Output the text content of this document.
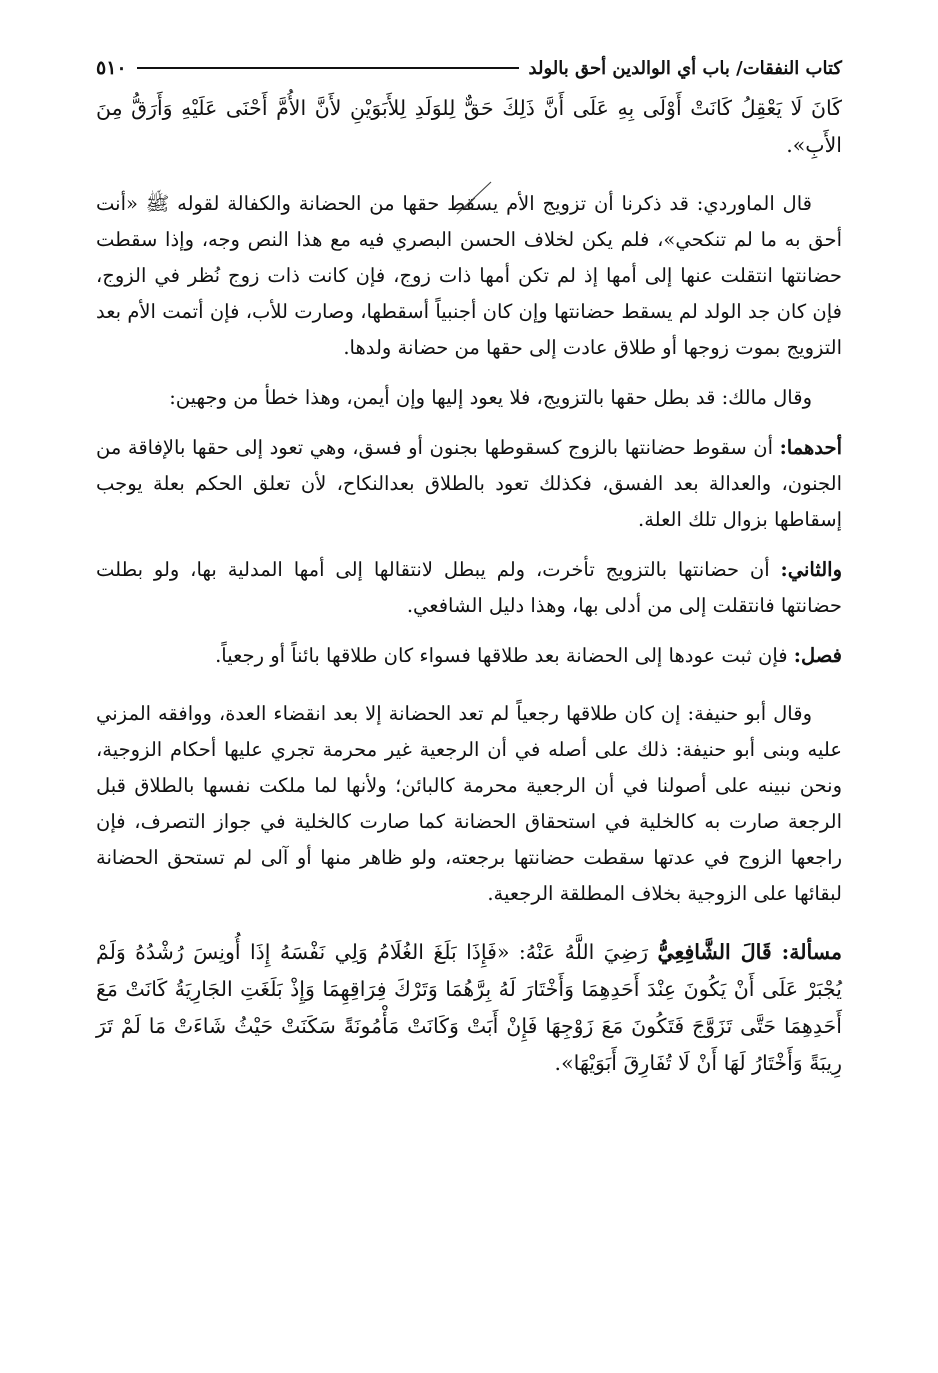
كتاب النفقات/ باب أي الوالدين أحق بالولد
٥١٠

كَانَ لَا يَعْقِلُ كَانَتْ أَوْلَى بِهِ عَلَى أَنَّ ذَلِكَ حَقٌّ لِلوَلَدِ لِلأَبَوَيْنِ لأَنَّ الأُمَّ أَحْنَى عَلَيْهِ وَأَرَقُّ مِنَ الأَبِ».

قال الماوردي: قد ذكرنا أن تزويج الأم يسقط حقها من الحضانة والكفالة لقوله ﷺ «أنت أحق به ما لم تنكحي»، فلم يكن لخلاف الحسن البصري فيه مع هذا النص وجه، وإذا سقطت حضانتها انتقلت عنها إلى أمها إذ لم تكن أمها ذات زوج، فإن كانت ذات زوج نُظر في الزوج، فإن كان جد الولد لم يسقط حضانتها وإن كان أجنبياً أسقطها، وصارت للأب، فإن أتمت الأم بعد التزويج بموت زوجها أو طلاق عادت إلى حقها من حضانة ولدها.

وقال مالك: قد بطل حقها بالتزويج، فلا يعود إليها وإن أيمن، وهذا خطأ من وجهين:

أحدهما: أن سقوط حضانتها بالزوج كسقوطها بجنون أو فسق، وهي تعود إلى حقها بالإفاقة من الجنون، والعدالة بعد الفسق، فكذلك تعود بالطلاق بعدالنكاح، لأن تعلق الحكم بعلة يوجب إسقاطها بزوال تلك العلة.

والثاني: أن حضانتها بالتزويج تأخرت، ولم يبطل لانتقالها إلى أمها المدلية بها، ولو بطلت حضانتها فانتقلت إلى من أدلى بها، وهذا دليل الشافعي.

فصل: فإن ثبت عودها إلى الحضانة بعد طلاقها فسواء كان طلاقها بائناً أو رجعياً.

وقال أبو حنيفة: إن كان طلاقها رجعياً لم تعد الحضانة إلا بعد انقضاء العدة، ووافقه المزني عليه وبنى أبو حنيفة: ذلك على أصله في أن الرجعية غير محرمة تجري عليها أحكام الزوجية، ونحن نبينه على أصولنا في أن الرجعية محرمة كالبائن؛ ولأنها لما ملكت نفسها بالطلاق قبل الرجعة صارت به كالخلية في استحقاق الحضانة كما صارت كالخلية في جواز التصرف، فإن راجعها الزوج في عدتها سقطت حضانتها برجعته، ولو ظاهر منها أو آلى لم تستحق الحضانة لبقائها على الزوجية بخلاف المطلقة الرجعية.

مسألة: قَالَ الشَّافِعِيُّ رَضِيَ اللَّهُ عَنْهُ: «فَإِذَا بَلَغَ الغُلَامُ وَلِي نَفْسَهُ إِذَا أُونِسَ رُشْدُهُ وَلَمْ يُجْبَرْ عَلَى أَنْ يَكُونَ عِنْدَ أَحَدِهِمَا وَأَخْتَارَ لَهُ بِرَّهُمَا وَتَرْكَ فِرَاقِهِمَا وَإِذْ بَلَغَتِ الجَارِيَةُ كَانَتْ مَعَ أَحَدِهِمَا حَتَّى تَزَوَّجَ فَتَكُونَ مَعَ زَوْجِهَا فَإِنْ أَبَتْ وَكَانَتْ مَأْمُونَةً سَكَنَتْ حَيْثُ شَاءَتْ مَا لَمْ تَرَ رِيبَةً وَأَخْتَارُ لَهَا أَنْ لَا تُفَارِقَ أَبَوَيْهَا».
